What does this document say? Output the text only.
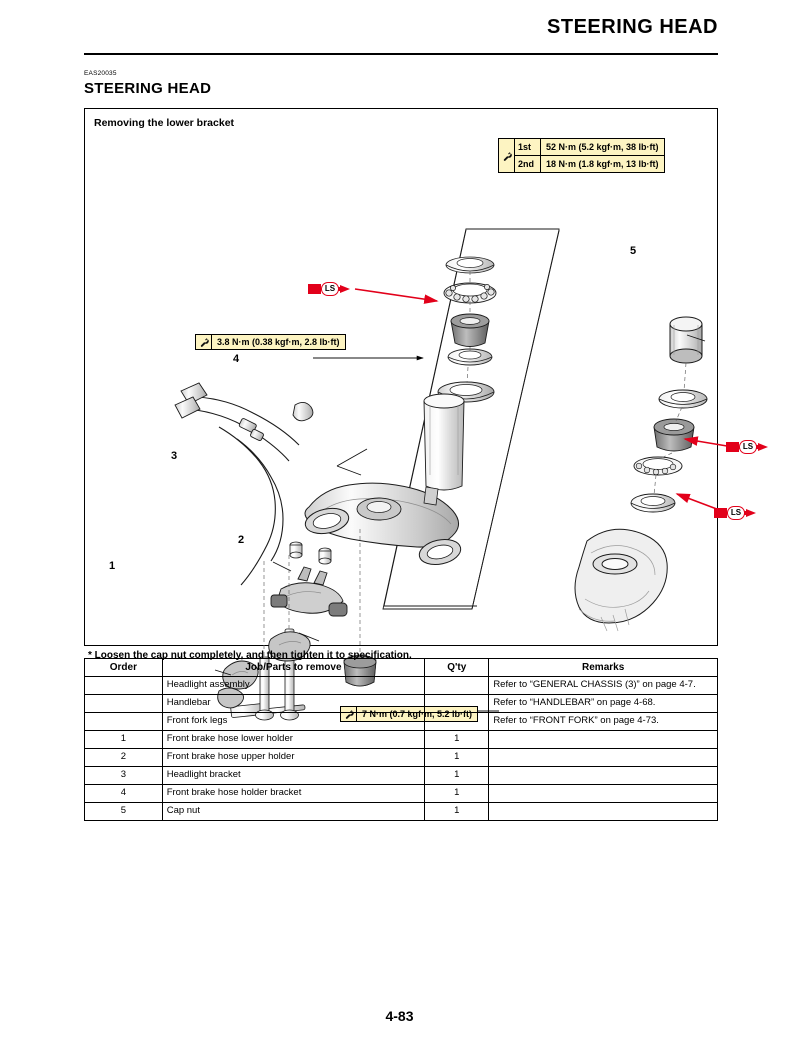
STEERING HEAD
EAS20035
STEERING HEAD
Removing the lower bracket
3.8 N·m (0.38 kgf·m, 2.8 lb·ft)
7 N·m (0.7 kgf·m, 5.2 lb·ft)
1st	52 N·m (5.2 kgf·m, 38 lb·ft)
2nd	18 N·m (1.8 kgf·m, 13 lb·ft)
LS
LS
LS
1
2
3
4
5
* Loosen the cap nut completely, and then tighten it to specification.
Order	Job/Parts to remove	Q'ty	Remarks
	Headlight assembly		Refer to “GENERAL CHASSIS (3)” on page 4-7.
	Handlebar		Refer to “HANDLEBAR” on page 4-68.
	Front fork legs		Refer to “FRONT FORK” on page 4-73.
1	Front brake hose lower holder	1	
2	Front brake hose upper holder	1	
3	Headlight bracket	1	
4	Front brake hose holder bracket	1	
5	Cap nut	1	
4-83
